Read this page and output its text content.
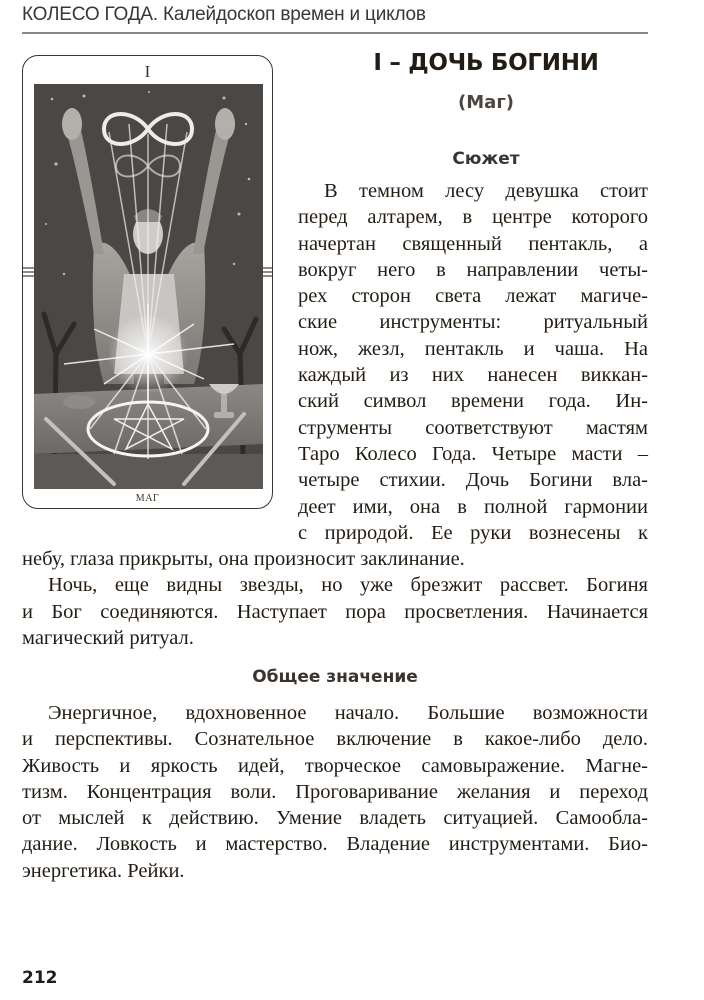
КОЛЕСО ГОДА. Калейдоскоп времен и циклов
I
МАГ
I – ДОЧЬ БОГИНИ
(Маг)
Сюжет
В темном лесу девушка стоит
перед алтарем, в центре которого
начертан священный пентакль, а
вокруг него в направлении четы-
рех сторон света лежат магиче-
ские инструменты: ритуальный
нож, жезл, пентакль и чаша. На
каждый из них нанесен виккан-
ский символ времени года. Ин-
струменты соответствуют мастям
Таро Колесо Года. Четыре масти –
четыре стихии. Дочь Богини вла-
деет ими, она в полной гармонии
с природой. Ее руки вознесены к
небу, глаза прикрыты, она произносит заклинание.
Ночь, еще видны звезды, но уже брезжит рассвет. Богиня
и Бог соединяются. Наступает пора просветления. Начинается
магический ритуал.
Общее значение
Энергичное, вдохновенное начало. Большие возможности
и перспективы. Сознательное включение в какое-либо дело.
Живость и яркость идей, творческое самовыражение. Магне-
тизм. Концентрация воли. Проговаривание желания и переход
от мыслей к действию. Умение владеть ситуацией. Самообла-
дание. Ловкость и мастерство. Владение инструментами. Био-
энергетика. Рейки.
212
